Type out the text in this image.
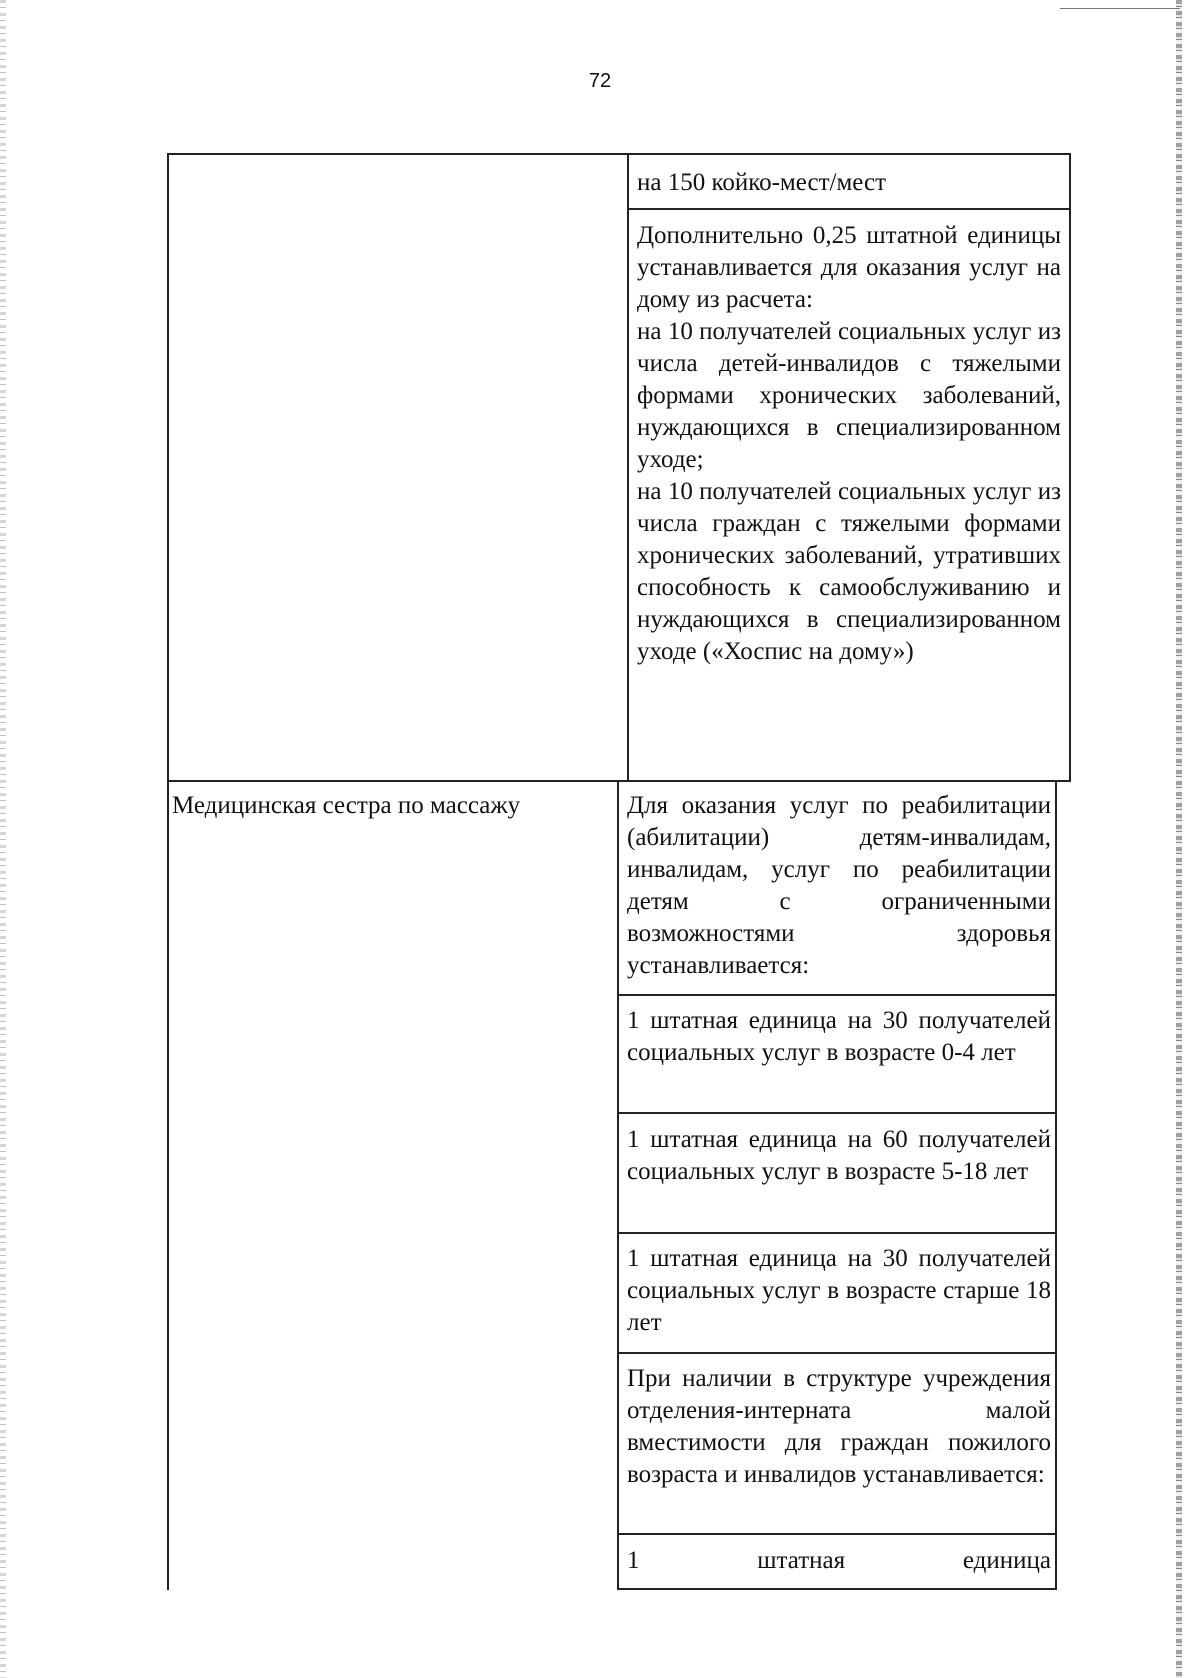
72
Медицинская сестра по массажу
на 150 койко-мест/мест
Дополнительно 0,25 штатной единицы устанавливается для оказания услуг на дому из расчета:
на 10 получателей социальных услуг из числа детей-инвалидов с тяжелыми формами хронических заболеваний, нуждающихся в специализированном уходе;
на 10 получателей социальных услуг из числа граждан с тяжелыми формами хронических заболеваний, утративших способность к самообслуживанию и нуждающихся в специализированном уходе («Хоспис на дому»)
Для оказания услуг по реабилитации (абилитации) детям-инвалидам, инвалидам, услуг по реабилитации детям с ограниченными возможностями здоровья устанавливается:
1 штатная единица на 30 получателей социальных услуг в возрасте 0-4 лет
1 штатная единица на 60 получателей социальных услуг в возрасте 5-18 лет
1 штатная единица на 30 получателей социальных услуг в возрасте старше 18 лет
При наличии в структуре учреждения отделения-интерната малой вместимости для граждан пожилого возраста и инвалидов устанавливается:
1 штатная единица
